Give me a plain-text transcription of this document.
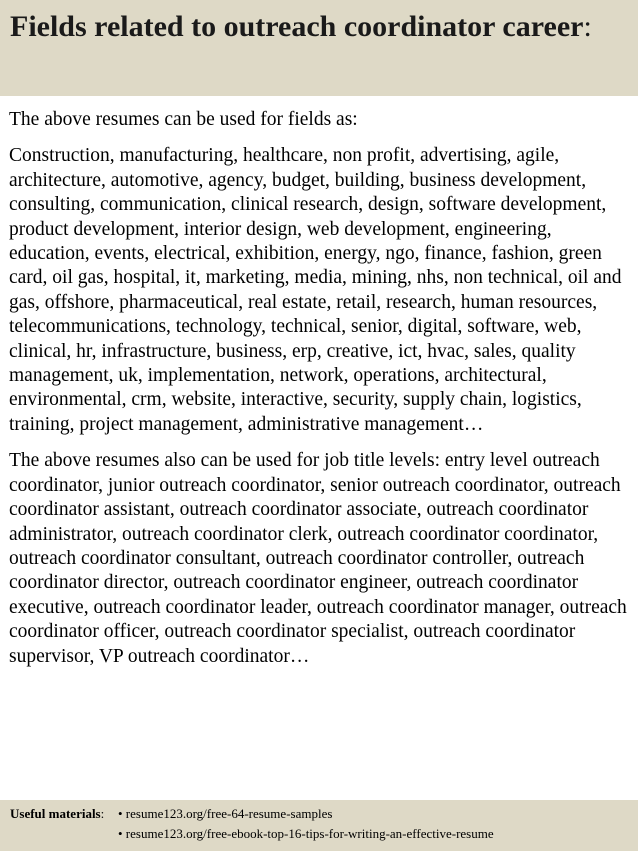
Fields related to outreach coordinator career:

The above resumes can be used for fields as:

Construction, manufacturing, healthcare, non profit, advertising, agile, architecture, automotive, agency, budget, building, business development, consulting, communication, clinical research, design, software development, product development, interior design, web development, engineering, education, events, electrical, exhibition, energy, ngo, finance, fashion, green card, oil gas, hospital, it, marketing, media, mining, nhs, non technical, oil and gas, offshore, pharmaceutical, real estate, retail, research, human resources, telecommunications, technology, technical, senior, digital, software, web, clinical, hr, infrastructure, business, erp, creative, ict, hvac, sales, quality management, uk, implementation, network, operations, architectural, environmental, crm, website, interactive, security, supply chain, logistics, training, project management, administrative management…

The above resumes also can be used for job title levels: entry level outreach coordinator, junior outreach coordinator, senior outreach coordinator, outreach coordinator assistant, outreach coordinator associate, outreach coordinator administrator, outreach coordinator clerk, outreach coordinator coordinator, outreach coordinator consultant, outreach coordinator controller, outreach coordinator director, outreach coordinator engineer, outreach coordinator executive, outreach coordinator leader, outreach coordinator manager, outreach coordinator officer, outreach coordinator specialist, outreach coordinator supervisor, VP outreach coordinator…

Useful materials:	• resume123.org/free-64-resume-samples
• resume123.org/free-ebook-top-16-tips-for-writing-an-effective-resume
